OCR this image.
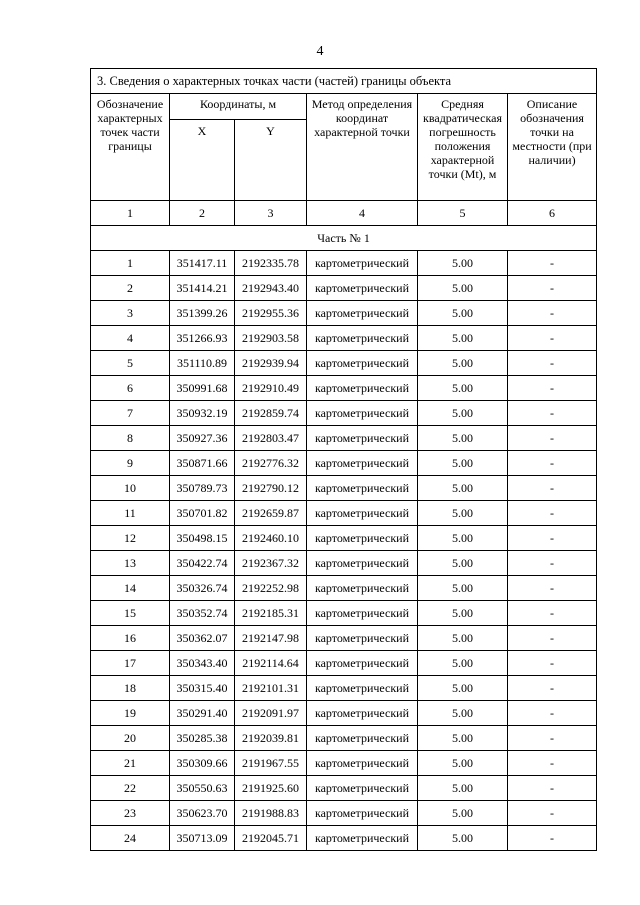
4
3. Сведения о характерных точках части (частей) границы объекта					
Обозначение характерных точек части границы	Координаты, м		Метод определения координат характерной точки	Средняя квадратическая погрешность положения характерной точки (Mt), м	Описание обозначения точки на местности (при наличии)
	X	Y			
1	2	3	4	5	6
Часть № 1					
1	351417.11	2192335.78	картометрический	5.00	-
2	351414.21	2192943.40	картометрический	5.00	-
3	351399.26	2192955.36	картометрический	5.00	-
4	351266.93	2192903.58	картометрический	5.00	-
5	351110.89	2192939.94	картометрический	5.00	-
6	350991.68	2192910.49	картометрический	5.00	-
7	350932.19	2192859.74	картометрический	5.00	-
8	350927.36	2192803.47	картометрический	5.00	-
9	350871.66	2192776.32	картометрический	5.00	-
10	350789.73	2192790.12	картометрический	5.00	-
11	350701.82	2192659.87	картометрический	5.00	-
12	350498.15	2192460.10	картометрический	5.00	-
13	350422.74	2192367.32	картометрический	5.00	-
14	350326.74	2192252.98	картометрический	5.00	-
15	350352.74	2192185.31	картометрический	5.00	-
16	350362.07	2192147.98	картометрический	5.00	-
17	350343.40	2192114.64	картометрический	5.00	-
18	350315.40	2192101.31	картометрический	5.00	-
19	350291.40	2192091.97	картометрический	5.00	-
20	350285.38	2192039.81	картометрический	5.00	-
21	350309.66	2191967.55	картометрический	5.00	-
22	350550.63	2191925.60	картометрический	5.00	-
23	350623.70	2191988.83	картометрический	5.00	-
24	350713.09	2192045.71	картометрический	5.00	-
